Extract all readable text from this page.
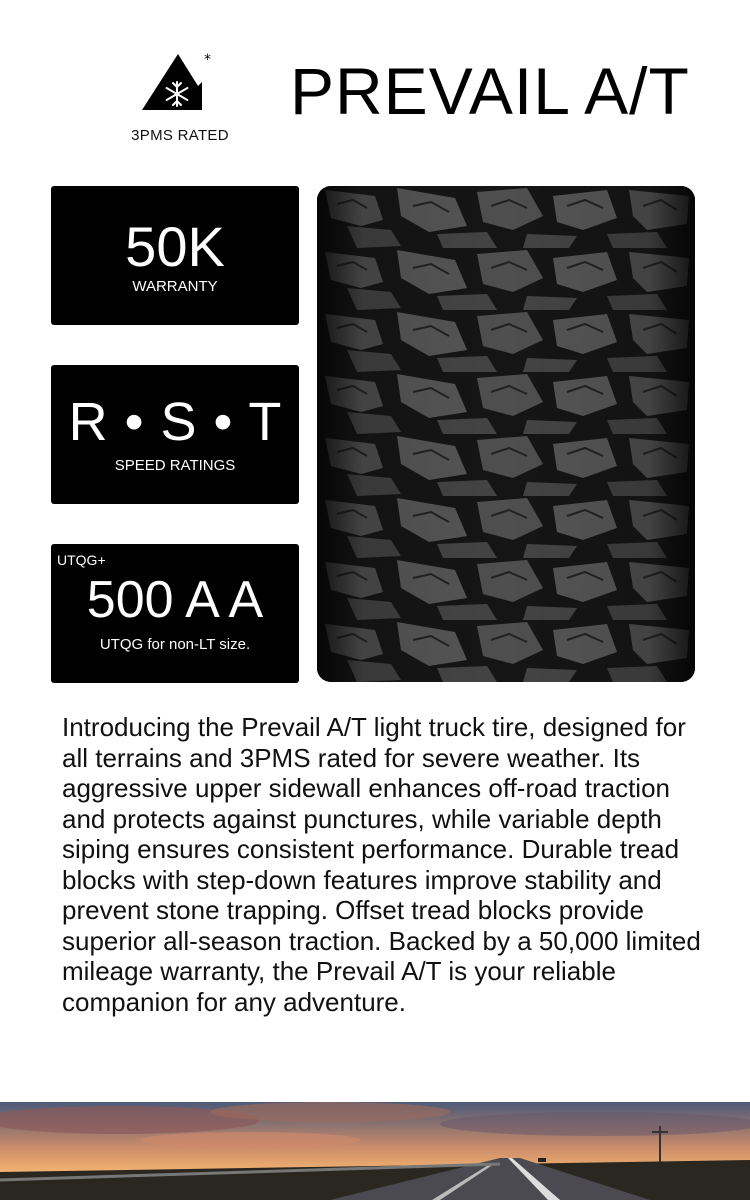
*
3PMS RATED
PREVAIL A/T
50K
WARRANTY
R • S • T
SPEED RATINGS
UTQG+
500 A A
UTQG for non-LT size.

Introducing the Prevail A/T light truck tire, designed for all terrains and 3PMS rated for severe weather. Its aggressive upper sidewall enhances off-road traction and protects against punctures, while variable depth siping ensures consistent performance. Durable tread blocks with step-down features improve stability and prevent stone trapping. Offset tread blocks provide superior all-season traction. Backed by a 50,000 limited mileage warranty, the Prevail A/T is your reliable companion for any adventure.
